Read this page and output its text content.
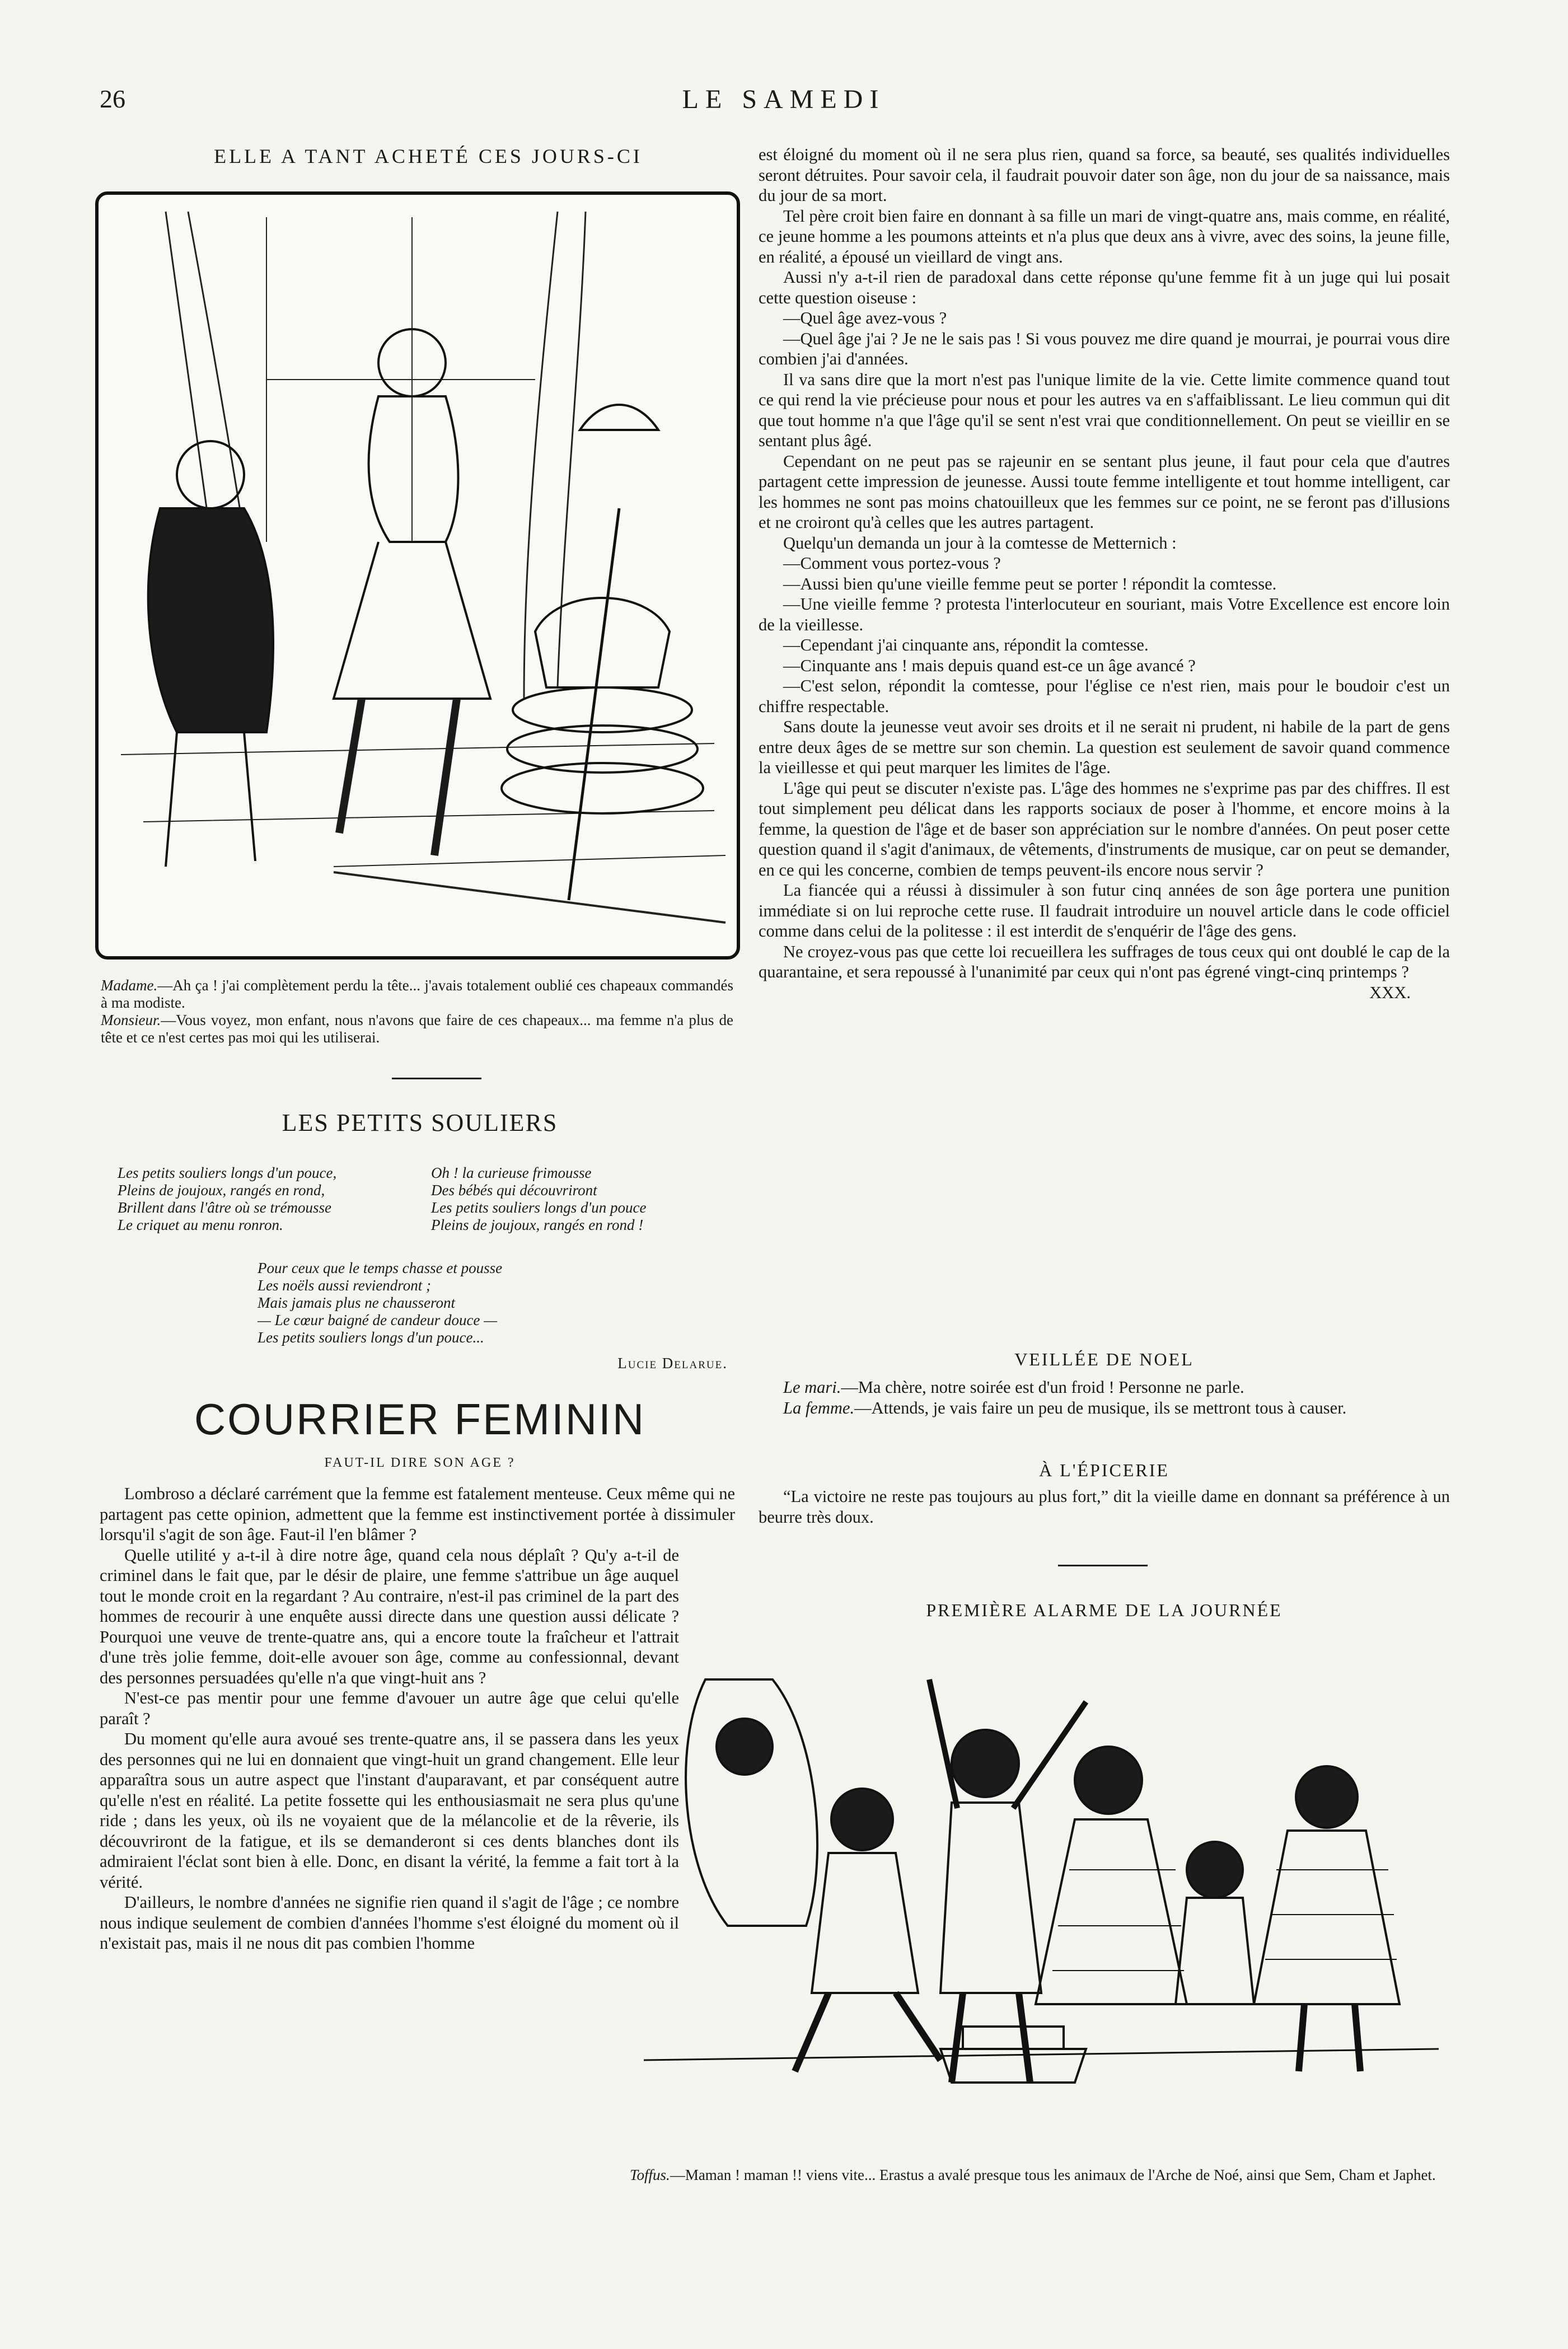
26	LE SAMEDI
ELLE A TANT ACHETÉ CES JOURS-CI

Madame.—Ah ça ! j'ai complètement perdu la tête... j'avais totalement oublié ces chapeaux commandés à ma modiste.

Monsieur.—Vous voyez, mon enfant, nous n'avons que faire de ces chapeaux... ma femme n'a plus de tête et ce n'est certes pas moi qui les utiliserai.

LES PETITS SOULIERS
Les petits souliers longs d'un pouce,
Pleins de joujoux, rangés en rond,
Brillent dans l'âtre où se trémousse
Le criquet au menu ronron.
Oh ! la curieuse frimousse
Des bébés qui découvriront
Les petits souliers longs d'un pouce
Pleins de joujoux, rangés en rond !
Pour ceux que le temps chasse et pousse
Les noëls aussi reviendront ;
Mais jamais plus ne chausseront
— Le cœur baigné de candeur douce —
Les petits souliers longs d'un pouce...
Lucie Delarue.
COURRIER FEMININ
FAUT-IL DIRE SON AGE ?

Lombroso a déclaré carrément que la femme est fatalement menteuse. Ceux même qui ne partagent pas cette opinion, admettent que la femme est instinctivement portée à dissimuler lorsqu'il s'agit de son âge. Faut-il l'en blâmer ?

Quelle utilité y a-t-il à dire notre âge, quand cela nous déplaît ? Qu'y a-t-il de criminel dans le fait que, par le désir de plaire, une femme s'attribue un âge auquel tout le monde croit en la regardant ? Au contraire, n'est-il pas criminel de la part des hommes de recourir à une enquête aussi directe dans une question aussi délicate ? Pourquoi une veuve de trente-quatre ans, qui a encore toute la fraîcheur et l'attrait d'une très jolie femme, doit-elle avouer son âge, comme au confessionnal, devant des personnes persuadées qu'elle n'a que vingt-huit ans ?

N'est-ce pas mentir pour une femme d'avouer un autre âge que celui qu'elle paraît ?

Du moment qu'elle aura avoué ses trente-quatre ans, il se passera dans les yeux des personnes qui ne lui en donnaient que vingt-huit un grand changement. Elle leur apparaîtra sous un autre aspect que l'instant d'auparavant, et par conséquent autre qu'elle n'est en réalité. La petite fossette qui les enthousiasmait ne sera plus qu'une ride ; dans les yeux, où ils ne voyaient que de la mélancolie et de la rêverie, ils découvriront de la fatigue, et ils se demanderont si ces dents blanches dont ils admiraient l'éclat sont bien à elle. Donc, en disant la vérité, la femme a fait tort à la vérité.

D'ailleurs, le nombre d'années ne signifie rien quand il s'agit de l'âge ; ce nombre nous indique seulement de combien d'années l'homme s'est éloigné du moment où il n'existait pas, mais il ne nous dit pas combien l'homme

est éloigné du moment où il ne sera plus rien, quand sa force, sa beauté, ses qualités individuelles seront détruites. Pour savoir cela, il faudrait pouvoir dater son âge, non du jour de sa naissance, mais du jour de sa mort.

Tel père croit bien faire en donnant à sa fille un mari de vingt-quatre ans, mais comme, en réalité, ce jeune homme a les poumons atteints et n'a plus que deux ans à vivre, avec des soins, la jeune fille, en réalité, a épousé un vieillard de vingt ans.

Aussi n'y a-t-il rien de paradoxal dans cette réponse qu'une femme fit à un juge qui lui posait cette question oiseuse :

—Quel âge avez-vous ?

—Quel âge j'ai ? Je ne le sais pas ! Si vous pouvez me dire quand je mourrai, je pourrai vous dire combien j'ai d'années.

Il va sans dire que la mort n'est pas l'unique limite de la vie. Cette limite commence quand tout ce qui rend la vie précieuse pour nous et pour les autres va en s'affaiblissant. Le lieu commun qui dit que tout homme n'a que l'âge qu'il se sent n'est vrai que conditionnellement. On peut se vieillir en se sentant plus âgé.

Cependant on ne peut pas se rajeunir en se sentant plus jeune, il faut pour cela que d'autres partagent cette impression de jeunesse. Aussi toute femme intelligente et tout homme intelligent, car les hommes ne sont pas moins chatouilleux que les femmes sur ce point, ne se feront pas d'illusions et ne croiront qu'à celles que les autres partagent.

Quelqu'un demanda un jour à la comtesse de Metternich :

—Comment vous portez-vous ?

—Aussi bien qu'une vieille femme peut se porter ! répondit la comtesse.

—Une vieille femme ? protesta l'interlocuteur en souriant, mais Votre Excellence est encore loin de la vieillesse.

—Cependant j'ai cinquante ans, répondit la comtesse.

—Cinquante ans ! mais depuis quand est-ce un âge avancé ?

—C'est selon, répondit la comtesse, pour l'église ce n'est rien, mais pour le boudoir c'est un chiffre respectable.

Sans doute la jeunesse veut avoir ses droits et il ne serait ni prudent, ni habile de la part de gens entre deux âges de se mettre sur son chemin. La question est seulement de savoir quand commence la vieillesse et qui peut marquer les limites de l'âge.

L'âge qui peut se discuter n'existe pas. L'âge des hommes ne s'exprime pas par des chiffres. Il est tout simplement peu délicat dans les rapports sociaux de poser à l'homme, et encore moins à la femme, la question de l'âge et de baser son appréciation sur le nombre d'années. On peut poser cette question quand il s'agit d'animaux, de vêtements, d'instruments de musique, car on peut se demander, en ce qui les concerne, combien de temps peuvent-ils encore nous servir ?

La fiancée qui a réussi à dissimuler à son futur cinq années de son âge portera une punition immédiate si on lui reproche cette ruse. Il faudrait introduire un nouvel article dans le code officiel comme dans celui de la politesse : il est interdit de s'enquérir de l'âge des gens.

Ne croyez-vous pas que cette loi recueillera les suffrages de tous ceux qui ont doublé le cap de la quarantaine, et sera repoussé à l'unanimité par ceux qui n'ont pas égrené vingt-cinq printemps ?

XXX.
VEILLÉE DE NOEL

Le mari.—Ma chère, notre soirée est d'un froid ! Personne ne parle.

La femme.—Attends, je vais faire un peu de musique, ils se mettront tous à causer.

À L'ÉPICERIE

“La victoire ne reste pas toujours au plus fort,” dit la vieille dame en donnant sa préférence à un beurre très doux.

PREMIÈRE ALARME DE LA JOURNÉE
Toffus.—Maman ! maman !! viens vite... Erastus a avalé presque tous les animaux de l'Arche de Noé, ainsi que Sem, Cham et Japhet.
